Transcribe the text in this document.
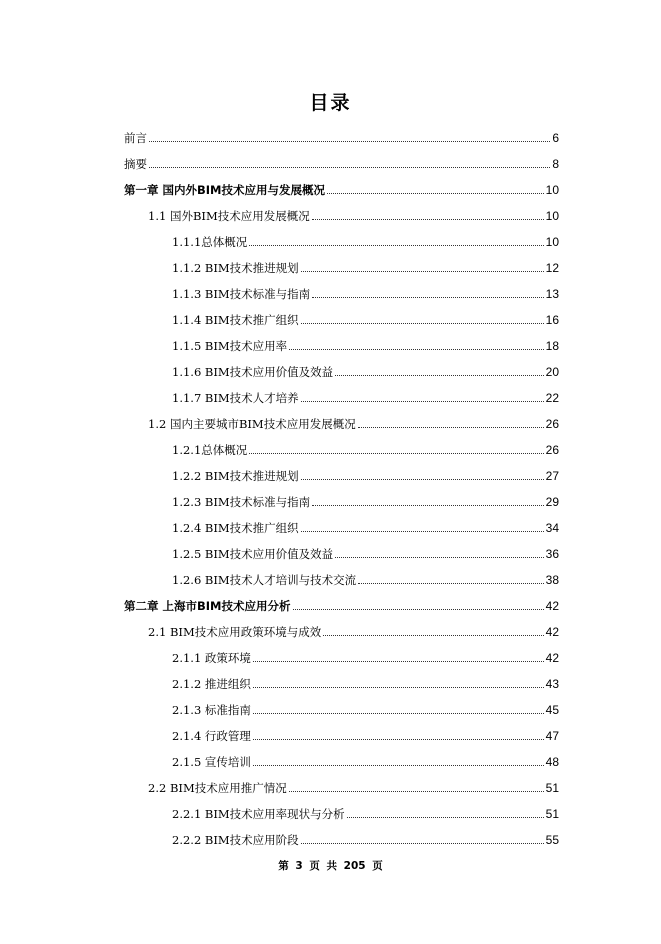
目录
前言	6
摘要	8
第一章 国内外BIM技术应用与发展概况	10
1.1 国外BIM技术应用发展概况	10
1.1.1总体概况	10
1.1.2 BIM技术推进规划	12
1.1.3 BIM技术标准与指南	13
1.1.4 BIM技术推广组织	16
1.1.5 BIM技术应用率	18
1.1.6 BIM技术应用价值及效益	20
1.1.7 BIM技术人才培养	22
1.2 国内主要城市BIM技术应用发展概况	26
1.2.1总体概况	26
1.2.2 BIM技术推进规划	27
1.2.3 BIM技术标准与指南	29
1.2.4 BIM技术推广组织	34
1.2.5 BIM技术应用价值及效益	36
1.2.6 BIM技术人才培训与技术交流	38
第二章 上海市BIM技术应用分析	42
2.1 BIM技术应用政策环境与成效	42
2.1.1 政策环境	42
2.1.2 推进组织	43
2.1.3 标准指南	45
2.1.4 行政管理	47
2.1.5 宣传培训	48
2.2 BIM技术应用推广情况	51
2.2.1 BIM技术应用率现状与分析	51
2.2.2 BIM技术应用阶段	55
第 3 页 共 205 页
